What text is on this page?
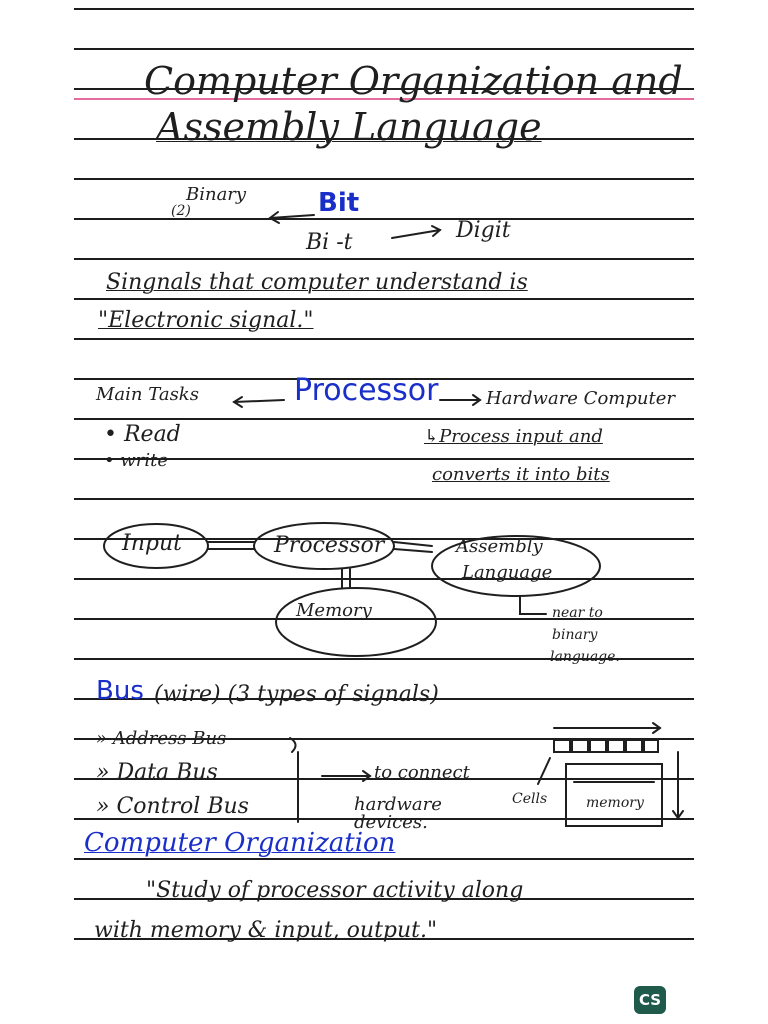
Computer Organization and
Assembly Language
(2)
Binary	Bit
Bi -t	Digit
Singnals that computer understand is
"Electronic signal."
Main Tasks	Processor	Hardware Computer
• Read
• write
↳Process input and
converts it into bits
Input	Processor	Assembly
Language
Memory	near to
binary
language.
Bus (wire) (3 types of signals)
» Address Bus
» Data Bus
» Control Bus
to connect
hardware
devices.
Cells	memory
Computer Organization
"Study of processor activity along
with memory & input, output."
CS
